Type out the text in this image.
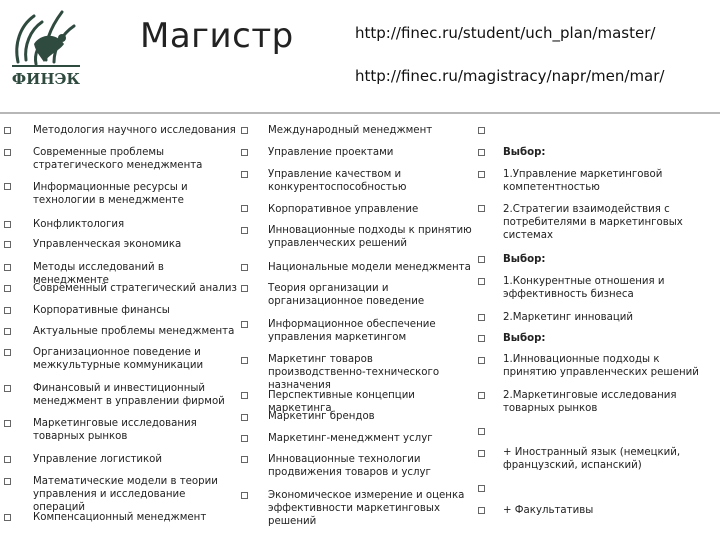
ФИНЭК
Магистр	http://finec.ru/student/uch_plan/master/
http://finec.ru/magistracy/napr/men/mar/
Методология научного исследования
Современные проблемы стратегического менеджмента
Информационные ресурсы и технологии в менеджменте
Конфликтология
Управленческая экономика
Методы исследований в менеджменте
Современный стратегический анализ
Корпоративные финансы
Актуальные проблемы менеджмента
Организационное поведение и межкультурные коммуникации
Финансовый и инвестиционный менеджмент в управлении фирмой
Маркетинговые исследования товарных рынков
Управление логистикой
Математические модели в теории управления и исследование операций
Компенсационный менеджмент
Международный менеджмент
Управление проектами
Управление качеством и конкурентоспособностью
Корпоративное управление
Инновационные подходы к принятию управленческих решений
Национальные модели менеджмента
Теория организации и организационное поведение
Информационное обеспечение управления маркетингом
Маркетинг товаров производственно-технического назначения
Перспективные концепции маркетинга
Маркетинг брендов
Маркетинг-менеджмент услуг
Инновационные технологии продвижения товаров и услуг
Экономическое измерение и оценка эффективности маркетинговых решений
Выбор:
1.Управление маркетинговой компетентностью
2.Стратегии взаимодействия с потребителями в маркетинговых системах
Выбор:
1.Конкурентные отношения и эффективность бизнеса
2.Маркетинг инноваций
Выбор:
1.Инновационные подходы к принятию управленческих решений
2.Маркетинговые исследования товарных рынков
+ Иностранный язык (немецкий, французский, испанский)
+ Факультативы
